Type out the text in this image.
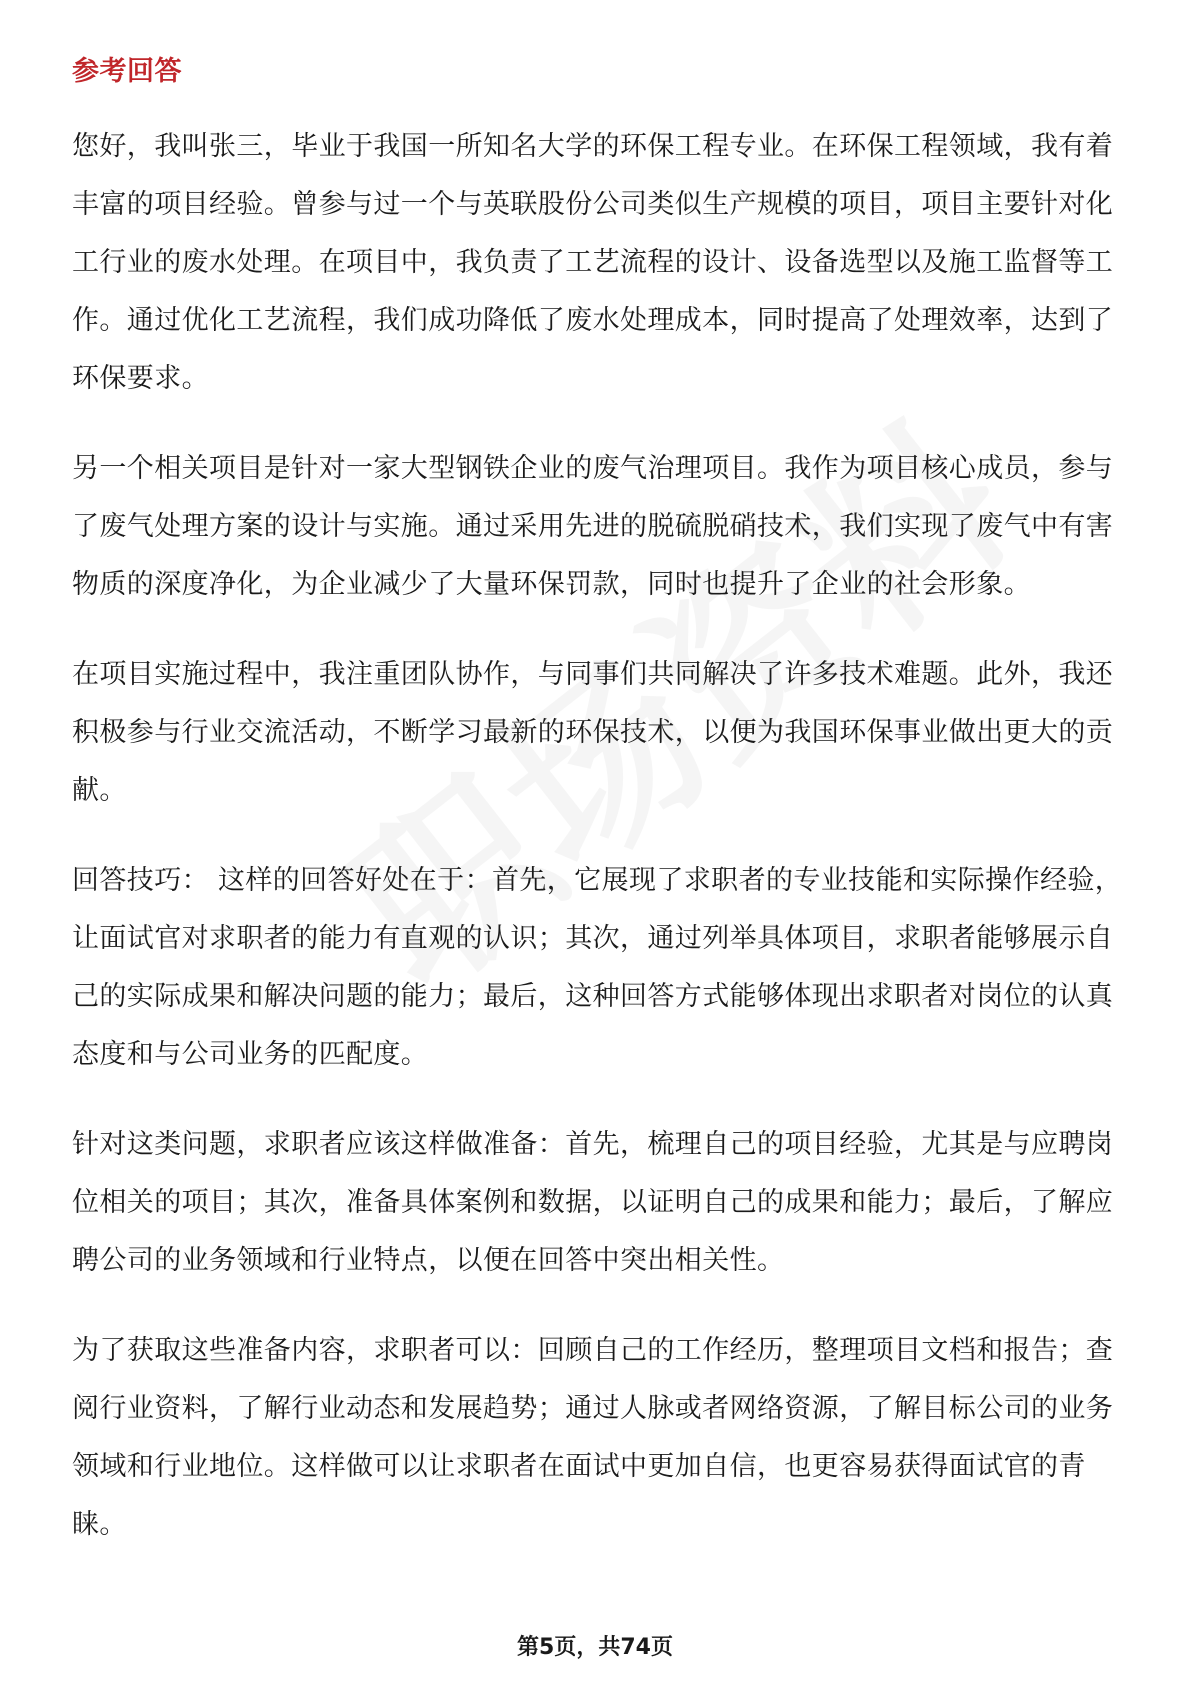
参考回答

您好，我叫张三，毕业于我国一所知名大学的环保工程专业。在环保工程领域，我有着丰富的项目经验。曾参与过一个与英联股份公司类似生产规模的项目，项目主要针对化工行业的废水处理。在项目中，我负责了工艺流程的设计、设备选型以及施工监督等工作。通过优化工艺流程，我们成功降低了废水处理成本，同时提高了处理效率，达到了环保要求。

另一个相关项目是针对一家大型钢铁企业的废气治理项目。我作为项目核心成员，参与了废气处理方案的设计与实施。通过采用先进的脱硫脱硝技术，我们实现了废气中有害物质的深度净化，为企业减少了大量环保罚款，同时也提升了企业的社会形象。

在项目实施过程中，我注重团队协作，与同事们共同解决了许多技术难题。此外，我还积极参与行业交流活动，不断学习最新的环保技术，以便为我国环保事业做出更大的贡献。

回答技巧： 这样的回答好处在于：首先，它展现了求职者的专业技能和实际操作经验，让面试官对求职者的能力有直观的认识；其次，通过列举具体项目，求职者能够展示自己的实际成果和解决问题的能力；最后，这种回答方式能够体现出求职者对岗位的认真态度和与公司业务的匹配度。

针对这类问题，求职者应该这样做准备：首先，梳理自己的项目经验，尤其是与应聘岗位相关的项目；其次，准备具体案例和数据，以证明自己的成果和能力；最后，了解应聘公司的业务领域和行业特点，以便在回答中突出相关性。

为了获取这些准备内容，求职者可以：回顾自己的工作经历，整理项目文档和报告；查阅行业资料，了解行业动态和发展趋势；通过人脉或者网络资源，了解目标公司的业务领域和行业地位。这样做可以让求职者在面试中更加自信，也更容易获得面试官的青睐。

第5页，共74页
